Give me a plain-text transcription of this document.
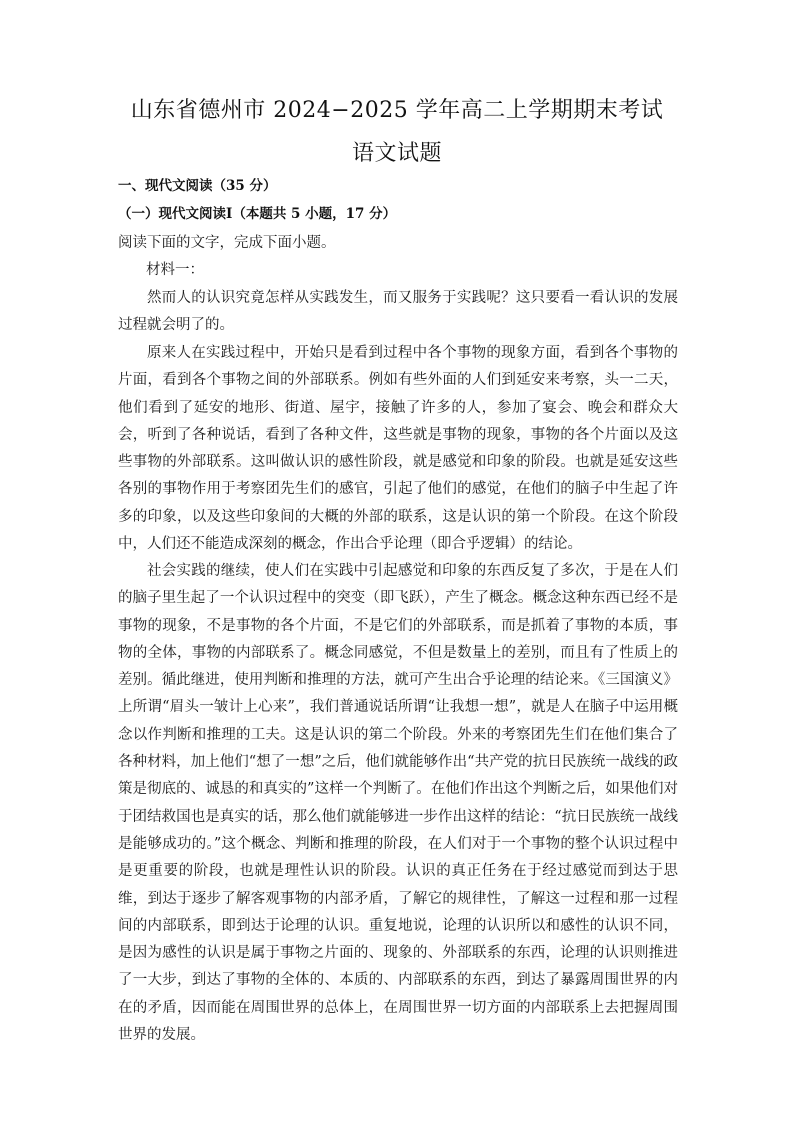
山东省德州市 2024−2025 学年高二上学期期末考试
语文试题
一、现代文阅读（35 分）
（一）现代文阅读Ⅰ（本题共 5 小题，17 分）
阅读下面的文字，完成下面小题。
材料一：

然而人的认识究竟怎样从实践发生，而又服务于实践呢？这只要看一看认识的发展过程就会明了的。

原来人在实践过程中，开始只是看到过程中各个事物的现象方面，看到各个事物的片面，看到各个事物之间的外部联系。例如有些外面的人们到延安来考察，头一二天，他们看到了延安的地形、街道、屋宇，接触了许多的人，参加了宴会、晚会和群众大会，听到了各种说话，看到了各种文件，这些就是事物的现象，事物的各个片面以及这些事物的外部联系。这叫做认识的感性阶段，就是感觉和印象的阶段。也就是延安这些各别的事物作用于考察团先生们的感官，引起了他们的感觉，在他们的脑子中生起了许多的印象，以及这些印象间的大概的外部的联系，这是认识的第一个阶段。在这个阶段中，人们还不能造成深刻的概念，作出合乎论理（即合乎逻辑）的结论。

社会实践的继续，使人们在实践中引起感觉和印象的东西反复了多次，于是在人们的脑子里生起了一个认识过程中的突变（即飞跃），产生了概念。概念这种东西已经不是事物的现象，不是事物的各个片面，不是它们的外部联系，而是抓着了事物的本质，事物的全体，事物的内部联系了。概念同感觉，不但是数量上的差别，而且有了性质上的差别。循此继进，使用判断和推理的方法，就可产生出合乎论理的结论来。《三国演义》上所谓“眉头一皱计上心来”，我们普通说话所谓“让我想一想”，就是人在脑子中运用概念以作判断和推理的工夫。这是认识的第二个阶段。外来的考察团先生们在他们集合了各种材料，加上他们“想了一想”之后，他们就能够作出“共产党的抗日民族统一战线的政策是彻底的、诚恳的和真实的”这样一个判断了。在他们作出这个判断之后，如果他们对于团结救国也是真实的话，那么他们就能够进一步作出这样的结论：“抗日民族统一战线是能够成功的。”这个概念、判断和推理的阶段，在人们对于一个事物的整个认识过程中是更重要的阶段，也就是理性认识的阶段。认识的真正任务在于经过感觉而到达于思维，到达于逐步了解客观事物的内部矛盾，了解它的规律性，了解这一过程和那一过程间的内部联系，即到达于论理的认识。重复地说，论理的认识所以和感性的认识不同，是因为感性的认识是属于事物之片面的、现象的、外部联系的东西，论理的认识则推进了一大步，到达了事物的全体的、本质的、内部联系的东西，到达了暴露周围世界的内在的矛盾，因而能在周围世界的总体上，在周围世界一切方面的内部联系上去把握周围世界的发展。
